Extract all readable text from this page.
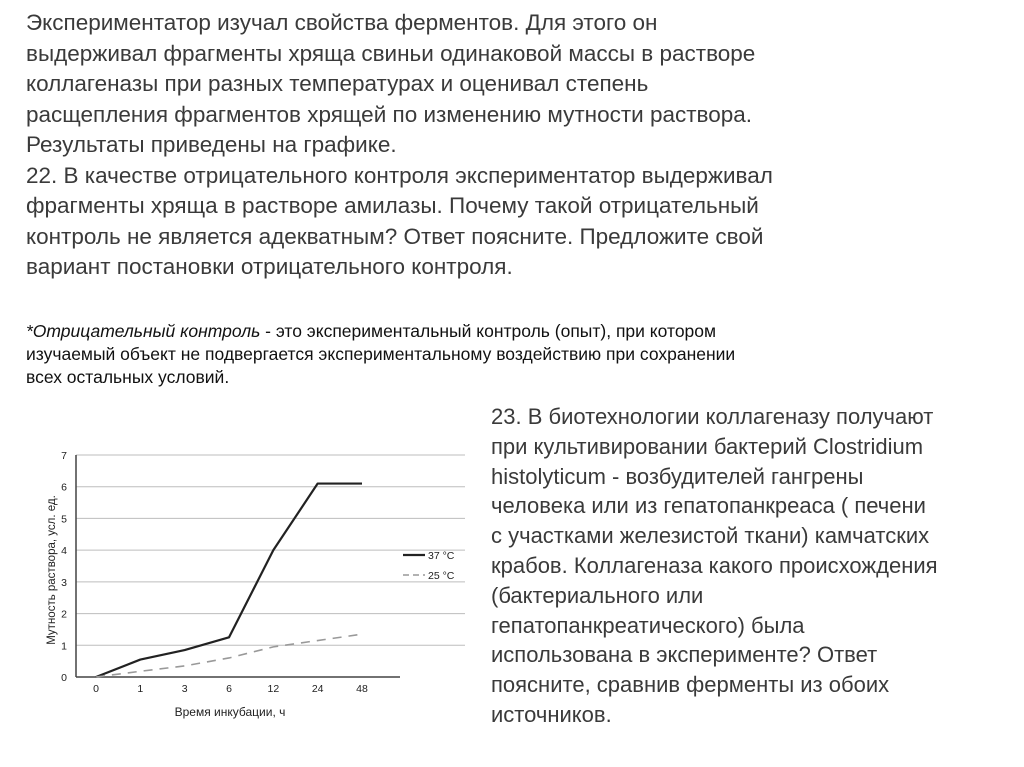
Экспериментатор изучал свойства ферментов. Для этого он

выдерживал фрагменты хряща свиньи одинаковой массы в растворе

коллагеназы при разных температурах и оценивал степень

расщепления фрагментов хрящей по изменению мутности раствора.

Результаты приведены на графике.

22. В качестве отрицательного контроля экспериментатор выдерживал

фрагменты хряща в растворе амилазы. Почему такой отрицательный

контроль не является адекватным? Ответ поясните. Предложите свой

вариант постановки отрицательного контроля.

*Отрицательный контроль - это экспериментальный контроль (опыт), при котором
изучаемый объект не подвергается экспериментальному воздействию при сохранении
всех остальных условий.
23. В биотехнологии коллагеназу получают
при культивировании бактерий Clostridium
histolyticum - возбудителей гангрены
человека или из гепатопанкреаса ( печени
с участками железистой ткани) камчатских
крабов. Коллагеназа какого происхождения
(бактериального или
гепатопанкреатического) была
использована в эксперименте? Ответ
поясните, сравнив ферменты из обоих
источников.
0
1
2
3
4
5
6
7
0	1	3	6	12	24	48
37 °C
25 °C
Мутность раствора, усл. ед.
Время инкубации, ч
